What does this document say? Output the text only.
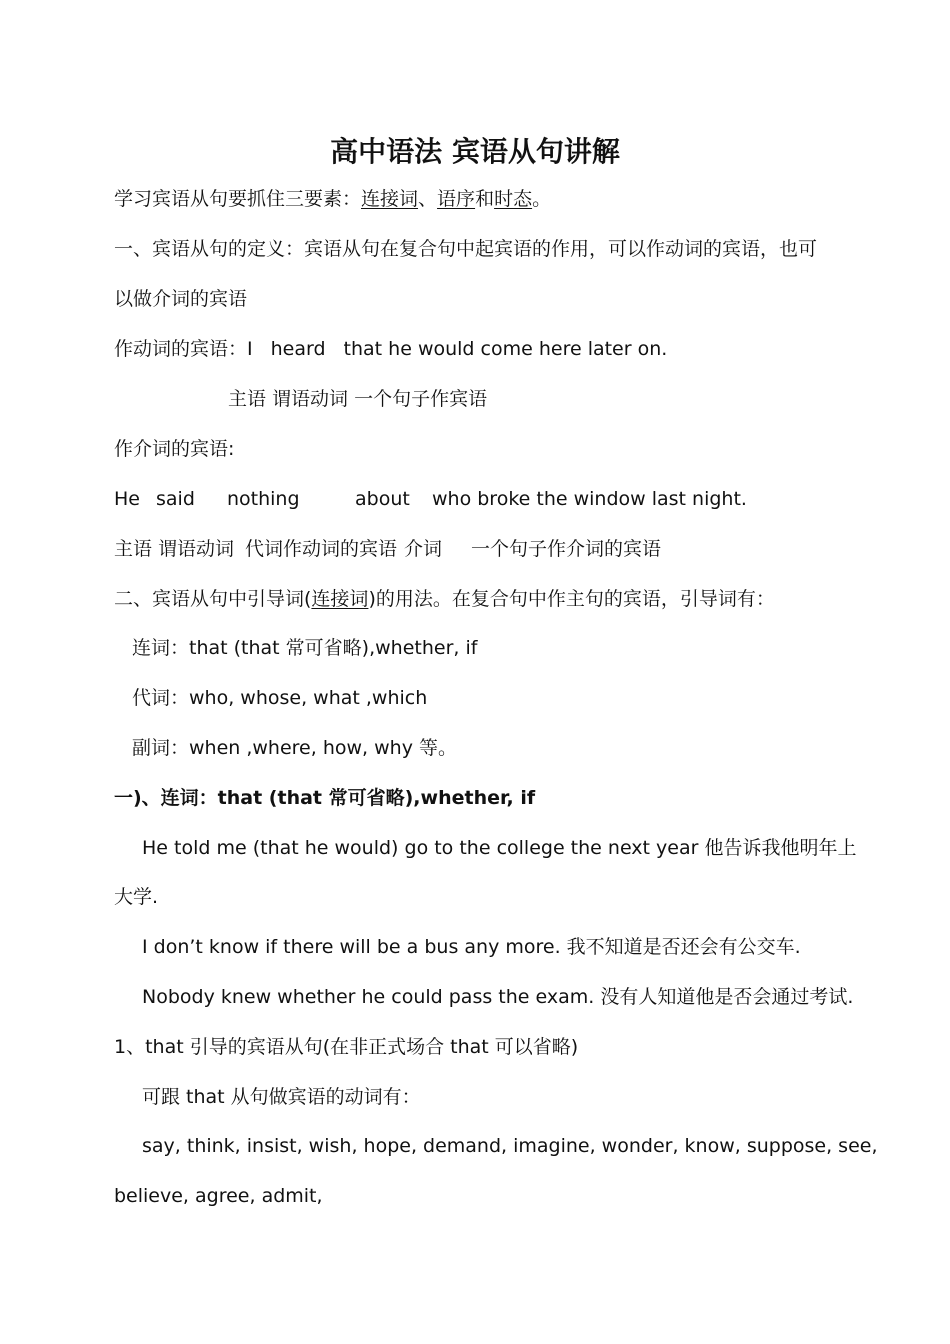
高中语法 宾语从句讲解
学习宾语从句要抓住三要素：连接词、语序和时态。
一、宾语从句的定义：宾语从句在复合句中起宾语的作用，可以作动词的宾语，也可
以做介词的宾语
作动词的宾语：I heard that he would come here later on.
主语 谓语动词 一个句子作宾语
作介词的宾语:
He said nothing	about who broke the window last night.
主语 谓语动词 代词作动词的宾语 介词 一个句子作介词的宾语
二、宾语从句中引导词(连接词)的用法。在复合句中作主句的宾语，引导词有：
连词：that (that 常可省略),whether, if
代词：who, whose, what ,which
副词：when ,where, how, why 等。
一)、连词：that (that 常可省略),whether, if
He told me (that he would) go to the college the next year 他告诉我他明年上
大学.
I don’t know if there will be a bus any more. 我不知道是否还会有公交车.
Nobody knew whether he could pass the exam. 没有人知道他是否会通过考试.
1、that 引导的宾语从句(在非正式场合 that 可以省略)
可跟 that 从句做宾语的动词有：
say, think, insist, wish, hope, demand, imagine, wonder, know, suppose, see,
believe, agree, admit,
